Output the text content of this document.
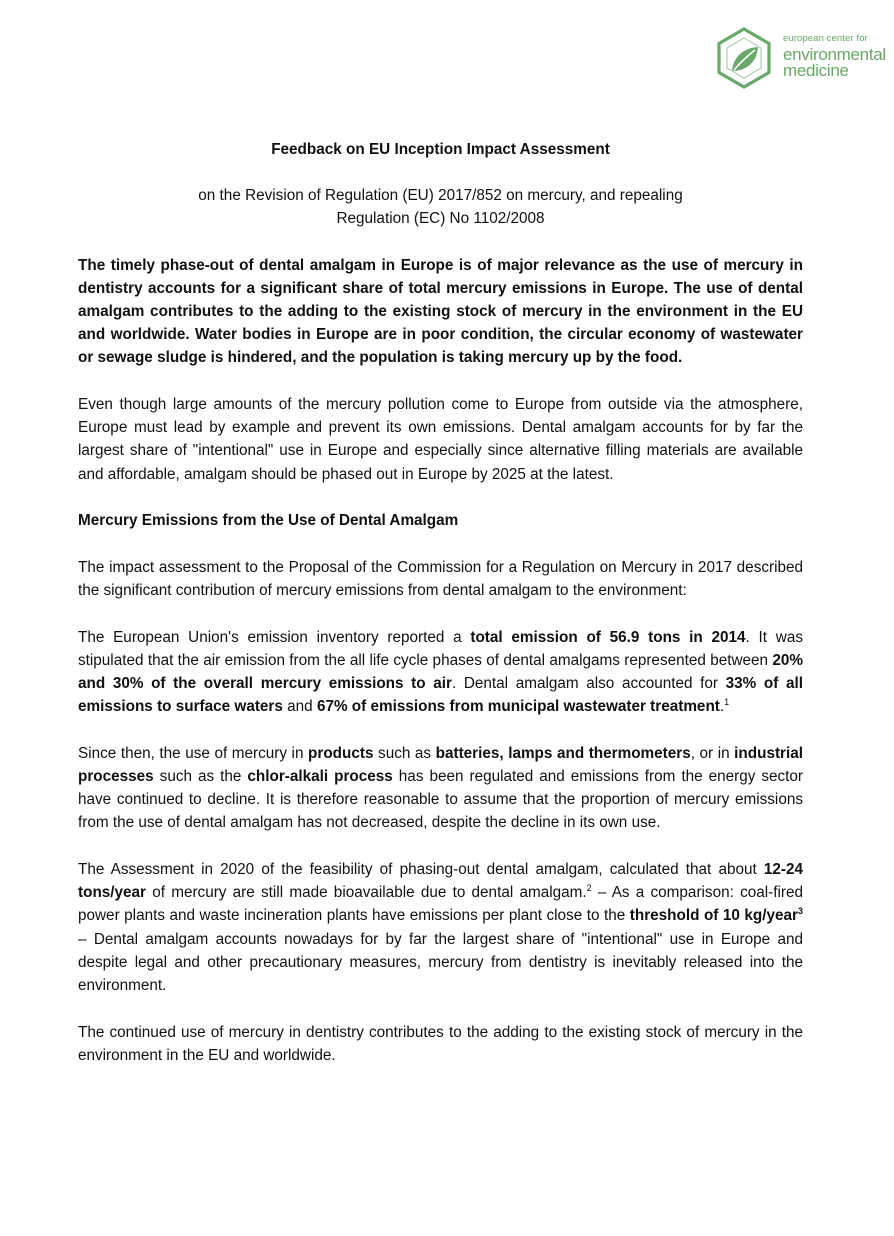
european center for
environmental
medicine
Feedback on EU Inception Impact Assessment
on the Revision of Regulation (EU) 2017/852 on mercury, and repealing
Regulation (EC) No 1102/2008

The timely phase-out of dental amalgam in Europe is of major relevance as the use of mercury in dentistry accounts for a significant share of total mercury emissions in Europe. The use of dental amalgam contributes to the adding to the existing stock of mercury in the environment in the EU and worldwide. Water bodies in Europe are in poor condition, the circular economy of wastewater or sewage sludge is hindered, and the population is taking mercury up by the food.

Even though large amounts of the mercury pollution come to Europe from outside via the atmosphere, Europe must lead by example and prevent its own emissions. Dental amalgam accounts for by far the largest share of "intentional" use in Europe and especially since alternative filling materials are available and affordable, amalgam should be phased out in Europe by 2025 at the latest.

Mercury Emissions from the Use of Dental Amalgam

The impact assessment to the Proposal of the Commission for a Regulation on Mercury in 2017 described the significant contribution of mercury emissions from dental amalgam to the environment:

The European Union's emission inventory reported a total emission of 56.9 tons in 2014. It was stipulated that the air emission from the all life cycle phases of dental amalgams represented between 20% and 30% of the overall mercury emissions to air. Dental amalgam also accounted for 33% of all emissions to surface waters and 67% of emissions from municipal wastewater treatment.$^1$

Since then, the use of mercury in products such as batteries, lamps and thermometers, or in industrial processes such as the chlor-alkali process has been regulated and emissions from the energy sector have continued to decline. It is therefore reasonable to assume that the proportion of mercury emissions from the use of dental amalgam has not decreased, despite the decline in its own use.

The Assessment in 2020 of the feasibility of phasing-out dental amalgam, calculated that about 12-24 tons/year of mercury are still made bioavailable due to dental amalgam.$^2$ – As a comparison: coal-fired power plants and waste incineration plants have emissions per plant close to the threshold of 10 kg/year$^3$ – Dental amalgam accounts nowadays for by far the largest share of "intentional" use in Europe and despite legal and other precautionary measures, mercury from dentistry is inevitably released into the environment.

The continued use of mercury in dentistry contributes to the adding to the existing stock of mercury in the environment in the EU and worldwide.
